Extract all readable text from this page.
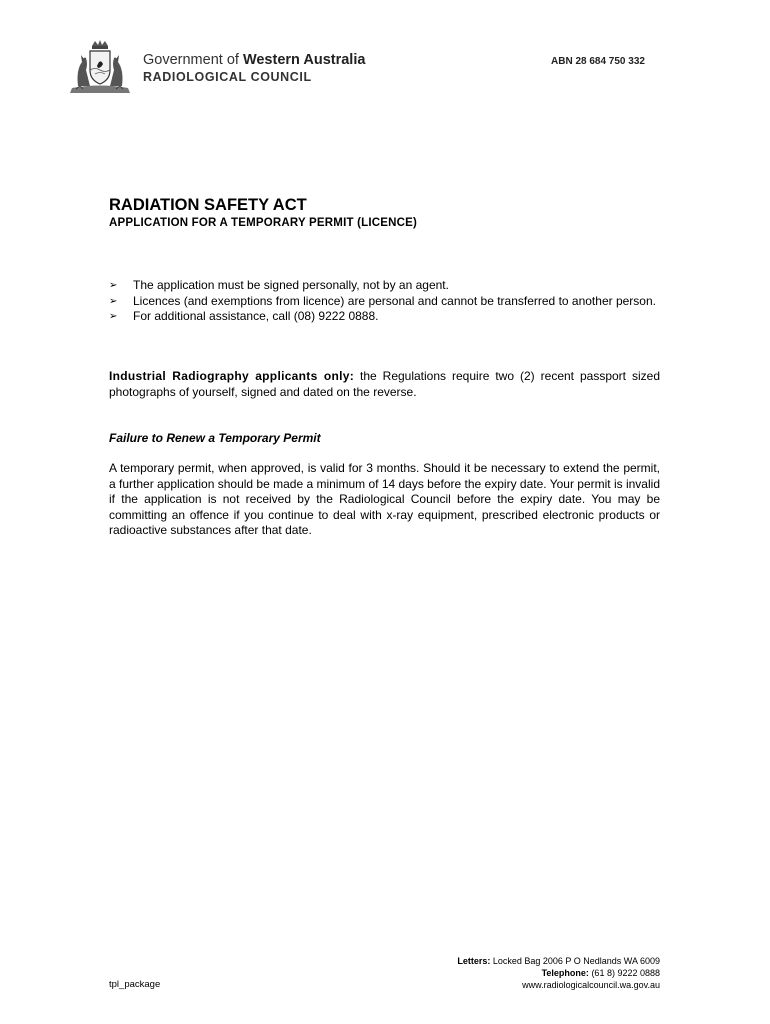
Government of Western Australia
RADIOLOGICAL COUNCIL
ABN 28 684 750 332
RADIATION SAFETY ACT
APPLICATION FOR A TEMPORARY PERMIT (LICENCE)
➢ The application must be signed personally, not by an agent.
➢ Licences (and exemptions from licence) are personal and cannot be transferred to another person.
➢ For additional assistance, call (08) 9222 0888.
Industrial Radiography applicants only: the Regulations require two (2) recent passport sized photographs of yourself, signed and dated on the reverse.
Failure to Renew a Temporary Permit
A temporary permit, when approved, is valid for 3 months. Should it be necessary to extend the permit, a further application should be made a minimum of 14 days before the expiry date. Your permit is invalid if the application is not received by the Radiological Council before the expiry date. You may be committing an offence if you continue to deal with x-ray equipment, prescribed electronic products or radioactive substances after that date.
Letters: Locked Bag 2006 P O Nedlands WA 6009
Telephone: (61 8) 9222 0888
www.radiologicalcouncil.wa.gov.au
tpl_package
